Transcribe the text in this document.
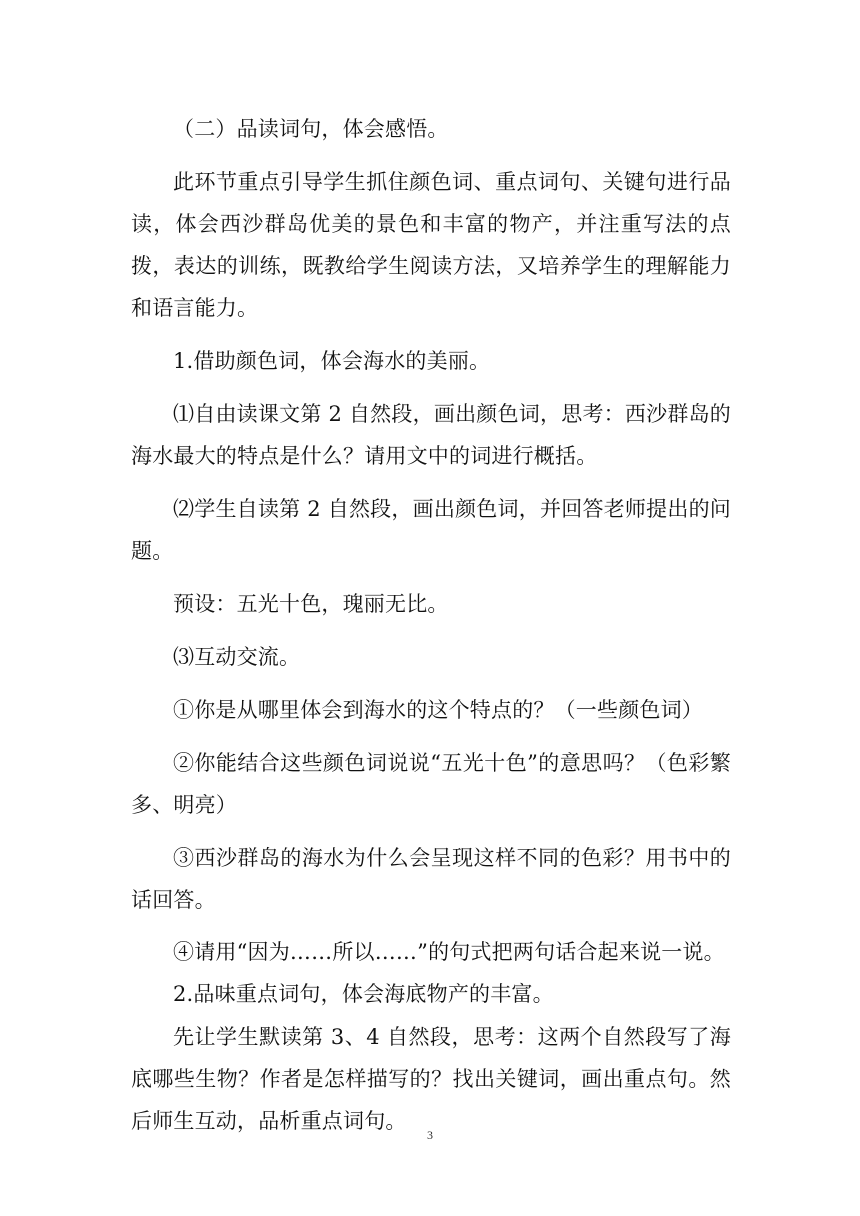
（二）品读词句，体会感悟。

此环节重点引导学生抓住颜色词、重点词句、关键句进行品读，体会西沙群岛优美的景色和丰富的物产，并注重写法的点拨，表达的训练，既教给学生阅读方法，又培养学生的理解能力和语言能力。

1.借助颜色词，体会海水的美丽。

⑴自由读课文第 2 自然段，画出颜色词，思考：西沙群岛的海水最大的特点是什么？请用文中的词进行概括。

⑵学生自读第 2 自然段，画出颜色词，并回答老师提出的问题。

预设：五光十色，瑰丽无比。

⑶互动交流。

①你是从哪里体会到海水的这个特点的？（一些颜色词）

②你能结合这些颜色词说说“五光十色”的意思吗？（色彩繁多、明亮）

③西沙群岛的海水为什么会呈现这样不同的色彩？用书中的话回答。

④请用“因为……所以……”的句式把两句话合起来说一说。

2.品味重点词句，体会海底物产的丰富。

先让学生默读第 3、4 自然段，思考：这两个自然段写了海底哪些生物？作者是怎样描写的？找出关键词，画出重点句。然后师生互动，品析重点词句。

3
